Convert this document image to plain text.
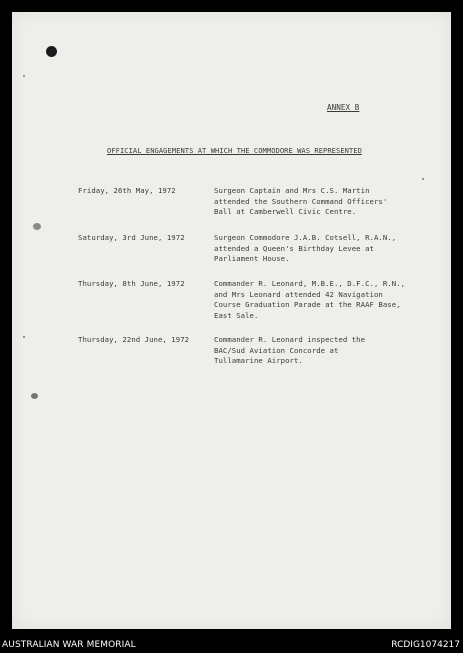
ANNEX B
OFFICIAL ENGAGEMENTS AT WHICH THE COMMODORE WAS REPRESENTED
Friday, 26th May, 1972	Surgeon Captain and Mrs C.S. Martin
attended the Southern Command Officers'
Ball at Camberwell Civic Centre.
Saturday, 3rd June, 1972	Surgeon Commodore J.A.B. Cotsell, R.A.N.,
attended a Queen's Birthday Levee at
Parliament House.
Thursday, 8th June, 1972	Commander R. Leonard, M.B.E., D.F.C., R.N.,
and Mrs Leonard attended 42 Navigation
Course Graduation Parade at the RAAF Base,
East Sale.
Thursday, 22nd June, 1972	Commander R. Leonard inspected the
BAC/Sud Aviation Concorde at
Tullamarine Airport.
AUSTRALIAN WAR MEMORIAL	RCDIG1074217
